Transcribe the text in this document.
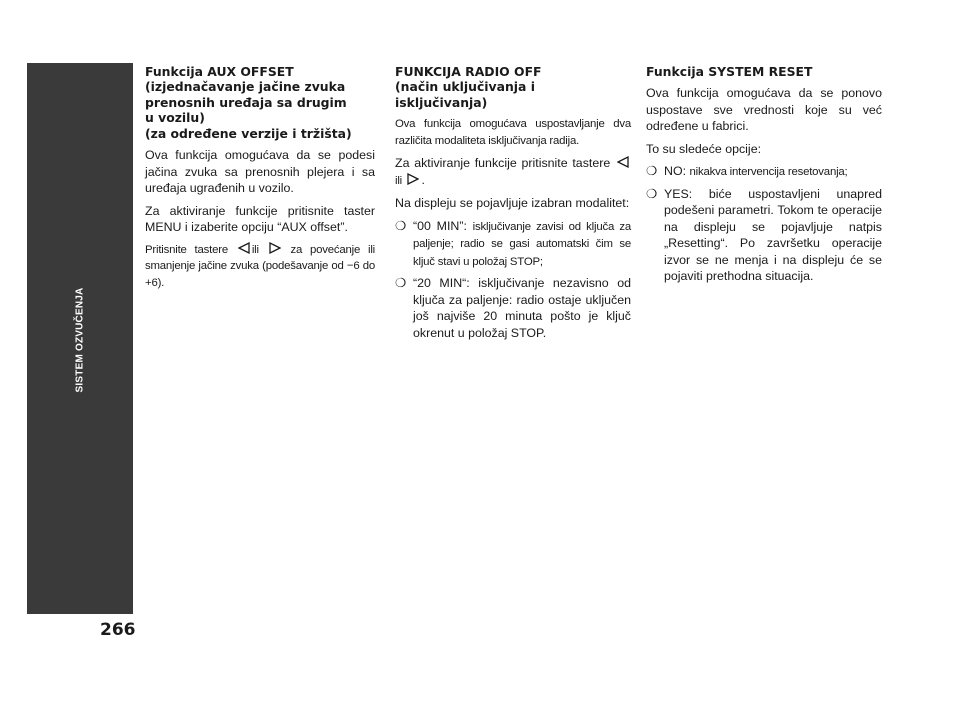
SISTEM OZVUČENJA
266
Funkcija AUX OFFSET
(izjednačavanje jačine zvuka
prenosnih uređaja sa drugim
u vozilu)
(za određene verzije i tržišta)

Ova funkcija omogućava da se podesi jačina zvuka sa prenosnih plejera i sa uređaja ugrađenih u vozilo.

Za aktiviranje funkcije pritisnite taster MENU i izaberite opciju “AUX offset”.

Pritisnite tastere ili	za povećanje ili smanjenje jačine zvuka (podešavanje od −6 do +6).

FUNKCIJA RADIO OFF
(način uključivanja i
isključivanja)

Ova funkcija omogućava uspostavljanje dva različita modaliteta isključivanja radija.

Za aktiviranje funkcije pritisnite tastere
ili .

Na displeju se pojavljuje izabran modalitet:

❍ “00 MIN”: isključivanje zavisi od ključa za paljenje; radio se gasi automatski čim se ključ stavi u položaj STOP;
❍ “20 MIN“: isključivanje nezavisno od ključa za paljenje: radio ostaje uključen još najviše 20 minuta pošto je ključ okrenut u položaj STOP.
Funkcija SYSTEM RESET

Ova funkcija omogućava da se ponovo uspostave sve vrednosti koje su već određene u fabrici.

To su sledeće opcije:

❍ NO: nikakva intervencija resetovanja;
❍ YES: biće uspostavljeni unapred podešeni parametri. Tokom te operacije na displeju se pojavljuje natpis „Resetting“. Po završetku operacije izvor se ne menja i na displeju će se pojaviti prethodna situacija.
